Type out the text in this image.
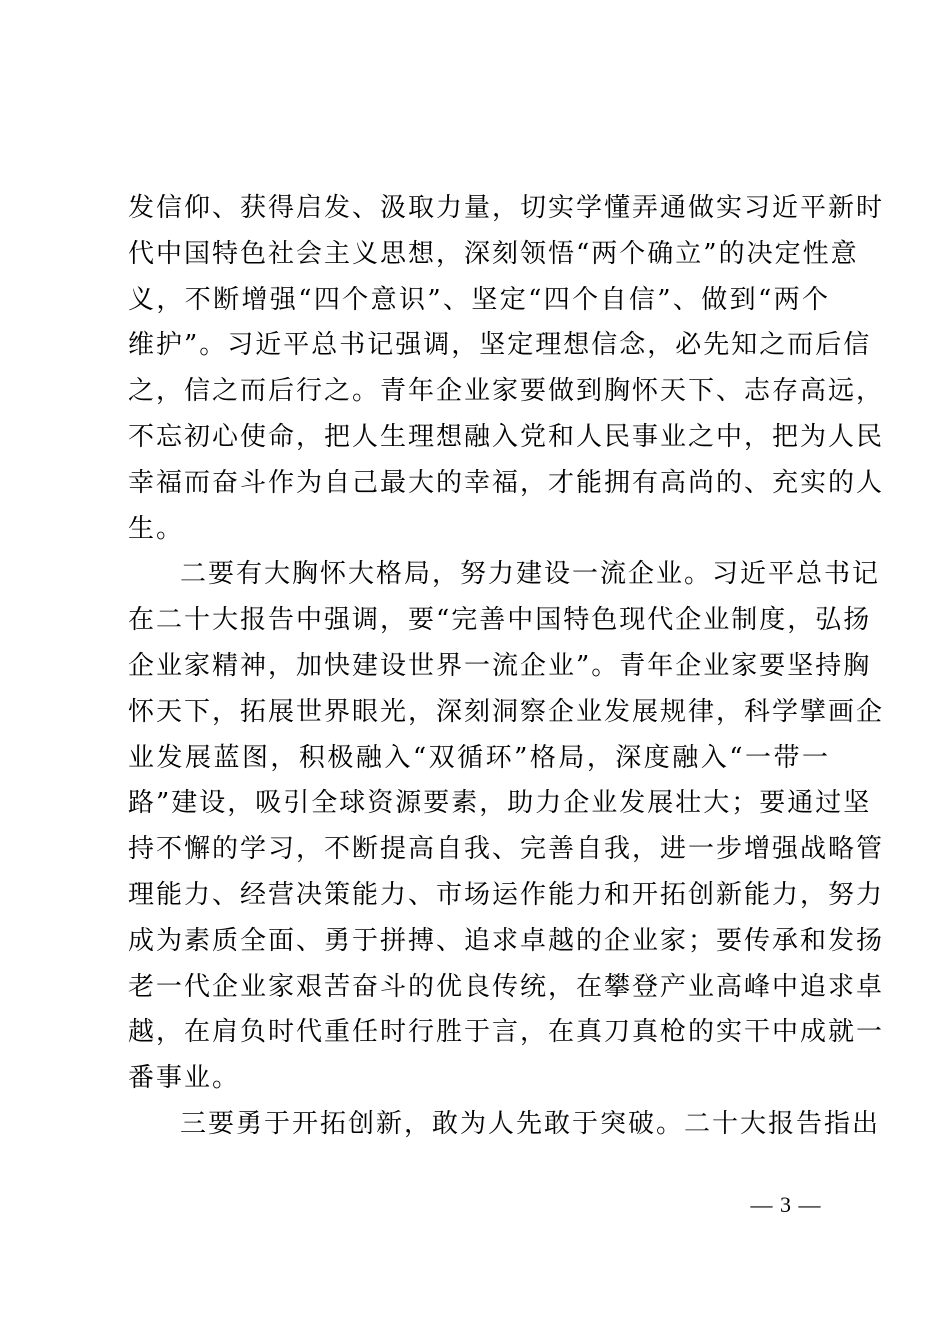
发信仰、获得启发、汲取力量，切实学懂弄通做实习近平新时
代中国特色社会主义思想，深刻领悟“两个确立”的决定性意
义，不断增强“四个意识”、坚定“四个自信”、做到“两个
维护”。习近平总书记强调，坚定理想信念，必先知之而后信
之，信之而后行之。青年企业家要做到胸怀天下、志存高远，
不忘初心使命，把人生理想融入党和人民事业之中，把为人民
幸福而奋斗作为自己最大的幸福，才能拥有高尚的、充实的人
生。
二要有大胸怀大格局，努力建设一流企业。习近平总书记
在二十大报告中强调，要“完善中国特色现代企业制度，弘扬
企业家精神，加快建设世界一流企业”。青年企业家要坚持胸
怀天下，拓展世界眼光，深刻洞察企业发展规律，科学擘画企
业发展蓝图，积极融入“双循环”格局，深度融入“一带一
路”建设，吸引全球资源要素，助力企业发展壮大；要通过坚
持不懈的学习，不断提高自我、完善自我，进一步增强战略管
理能力、经营决策能力、市场运作能力和开拓创新能力，努力
成为素质全面、勇于拼搏、追求卓越的企业家；要传承和发扬
老一代企业家艰苦奋斗的优良传统，在攀登产业高峰中追求卓
越，在肩负时代重任时行胜于言，在真刀真枪的实干中成就一
番事业。
三要勇于开拓创新，敢为人先敢于突破。二十大报告指出
— 3 —
